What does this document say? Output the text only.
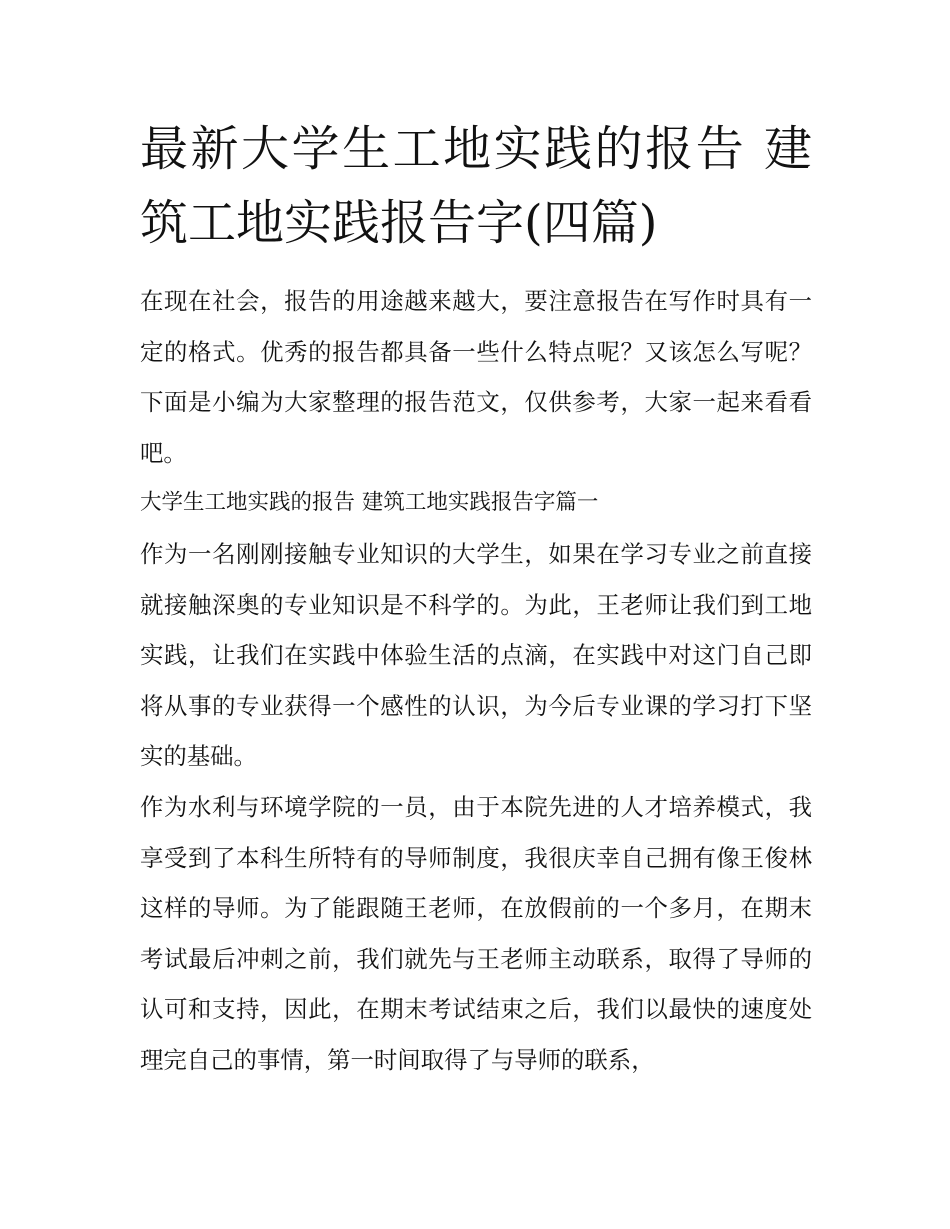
最新大学生工地实践的报告 建筑工地实践报告字(四篇)

在现在社会，报告的用途越来越大，要注意报告在写作时具有一定的格式。优秀的报告都具备一些什么特点呢？又该怎么写呢？下面是小编为大家整理的报告范文，仅供参考，大家一起来看看吧。

大学生工地实践的报告 建筑工地实践报告字篇一

作为一名刚刚接触专业知识的大学生，如果在学习专业之前直接就接触深奥的专业知识是不科学的。为此，王老师让我们到工地实践，让我们在实践中体验生活的点滴，在实践中对这门自己即将从事的专业获得一个感性的认识，为今后专业课的学习打下坚实的基础。

作为水利与环境学院的一员，由于本院先进的人才培养模式，我享受到了本科生所特有的导师制度，我很庆幸自己拥有像王俊林这样的导师。为了能跟随王老师，在放假前的一个多月，在期末考试最后冲刺之前，我们就先与王老师主动联系，取得了导师的认可和支持，因此，在期末考试结束之后，我们以最快的速度处理完自己的事情，第一时间取得了与导师的联系，
